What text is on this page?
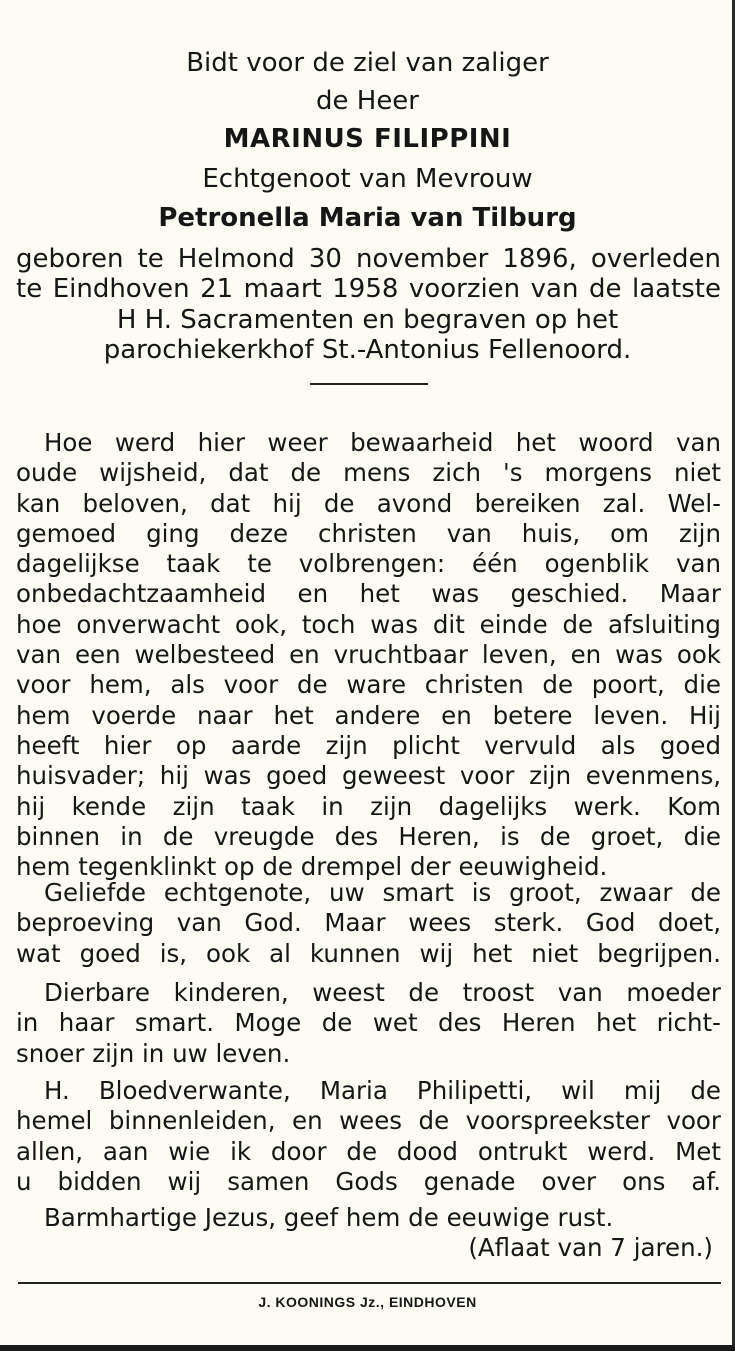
Bidt voor de ziel van zaliger
de Heer
MARINUS FILIPPINI
Echtgenoot van Mevrouw
Petronella Maria van Tilburg
geboren te Helmond 30 november 1896, overleden
te Eindhoven 21 maart 1958 voorzien van de laatste
H H. Sacramenten en begraven op het
parochiekerkhof St.-Antonius Fellenoord.
Hoe werd hier weer bewaarheid het woord van
oude wijsheid, dat de mens zich 's morgens niet
kan beloven, dat hij de avond bereiken zal. Wel-
gemoed ging deze christen van huis, om zijn
dagelijkse taak te volbrengen: één ogenblik van
onbedachtzaamheid en het was geschied. Maar
hoe onverwacht ook, toch was dit einde de afsluiting
van een welbesteed en vruchtbaar leven, en was ook
voor hem, als voor de ware christen de poort, die
hem voerde naar het andere en betere leven. Hij
heeft hier op aarde zijn plicht vervuld als goed
huisvader; hij was goed geweest voor zijn evenmens,
hij kende zijn taak in zijn dagelijks werk. Kom
binnen in de vreugde des Heren, is de groet, die
hem tegenklinkt op de drempel der eeuwigheid.
Geliefde echtgenote, uw smart is groot, zwaar de
beproeving van God. Maar wees sterk. God doet,
wat goed is, ook al kunnen wij het niet begrijpen.
Dierbare kinderen, weest de troost van moeder
in haar smart. Moge de wet des Heren het richt-
snoer zijn in uw leven.
H. Bloedverwante, Maria Philipetti, wil mij de
hemel binnenleiden, en wees de voorspreekster voor
allen, aan wie ik door de dood ontrukt werd. Met
u bidden wij samen Gods genade over ons af.
Barmhartige Jezus, geef hem de eeuwige rust.
(Aflaat van 7 jaren.)
J. KOONINGS Jz., EINDHOVEN
